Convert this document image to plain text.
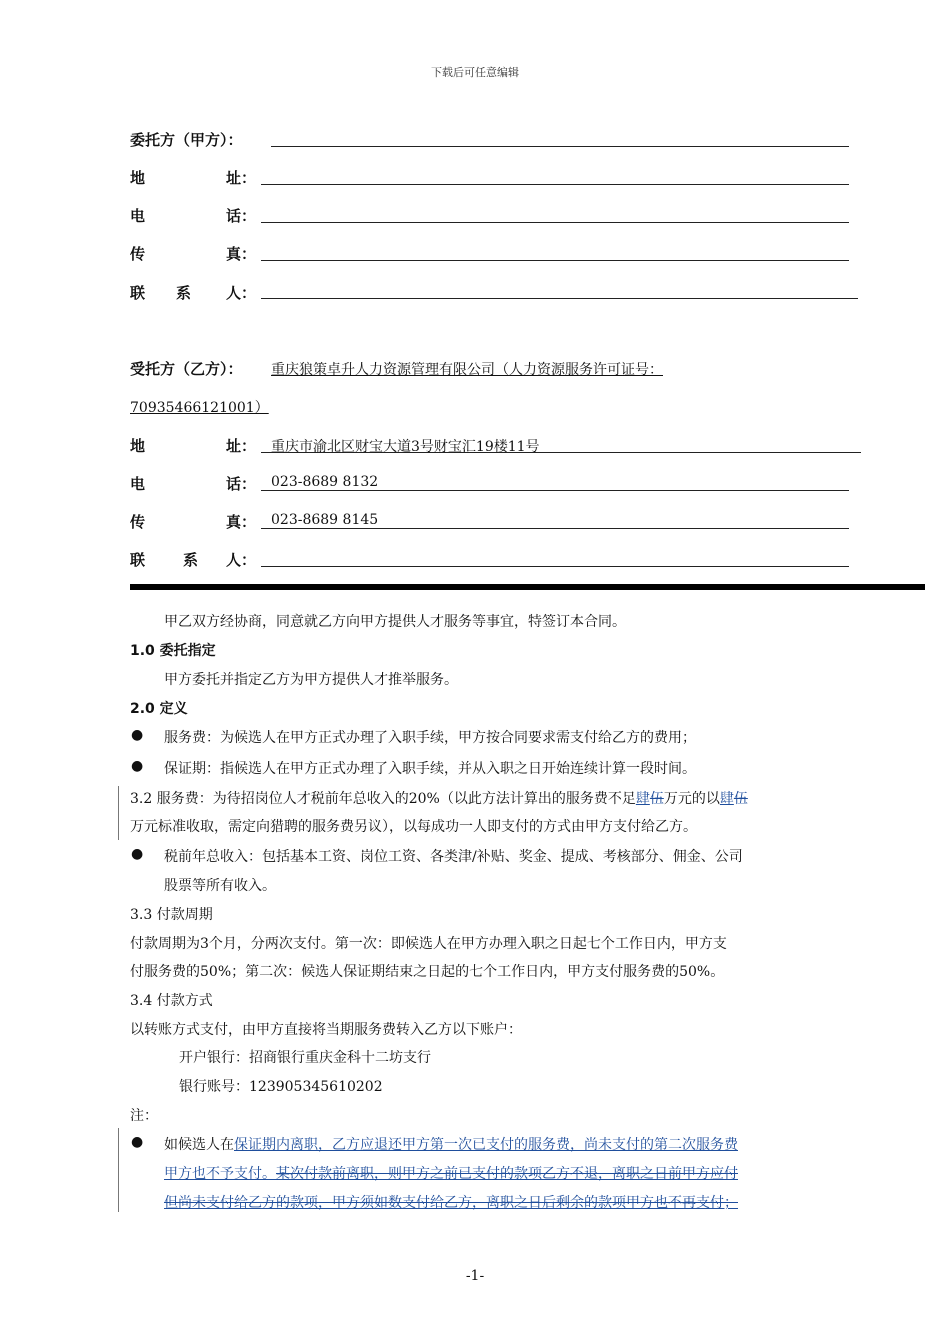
下载后可任意编辑
委托方（甲方）：
地	址：
电	话：
传	真：
联 系 人：
受托方（乙方）： 重庆狼策卓升人力资源管理有限公司（人力资源服务许可证号：
70935466121001）
地	址： 重庆市渝北区财宝大道3号财宝汇19楼11号
电	话： 023-8689 8132
传	真： 023-8689 8145
联	系 人：
甲乙双方经协商，同意就乙方向甲方提供人才服务等事宜，特签订本合同。
1.0 委托指定
甲方委托并指定乙方为甲方提供人才推举服务。
2.0 定义
● 服务费：为候选人在甲方正式办理了入职手续，甲方按合同要求需支付给乙方的费用；
● 保证期：指候选人在甲方正式办理了入职手续，并从入职之日开始连续计算一段时间。
3.2 服务费：为待招岗位人才税前年总收入的20%（以此方法计算出的服务费不足肆伍万元的以肆伍
万元标准收取，需定向猎聘的服务费另议），以每成功一人即支付的方式由甲方支付给乙方。
● 税前年总收入：包括基本工资、岗位工资、各类津/补贴、奖金、提成、考核部分、佣金、公司
股票等所有收入。
3.3 付款周期
付款周期为3个月，分两次支付。第一次：即候选人在甲方办理入职之日起七个工作日内，甲方支
付服务费的50%；第二次：候选人保证期结束之日起的七个工作日内，甲方支付服务费的50%。
3.4 付款方式
以转账方式支付，由甲方直接将当期服务费转入乙方以下账户：
开户银行：招商银行重庆金科十二坊支行
银行账号：123905345610202
注：
● 如候选人在保证期内离职，乙方应退还甲方第一次已支付的服务费，尚未支付的第二次服务费
甲方也不予支付。某次付款前离职，则甲方之前已支付的款项乙方不退，离职之日前甲方应付
但尚未支付给乙方的款项，甲方须如数支付给乙方，离职之日后剩余的款项甲方也不再支付；
-1-
